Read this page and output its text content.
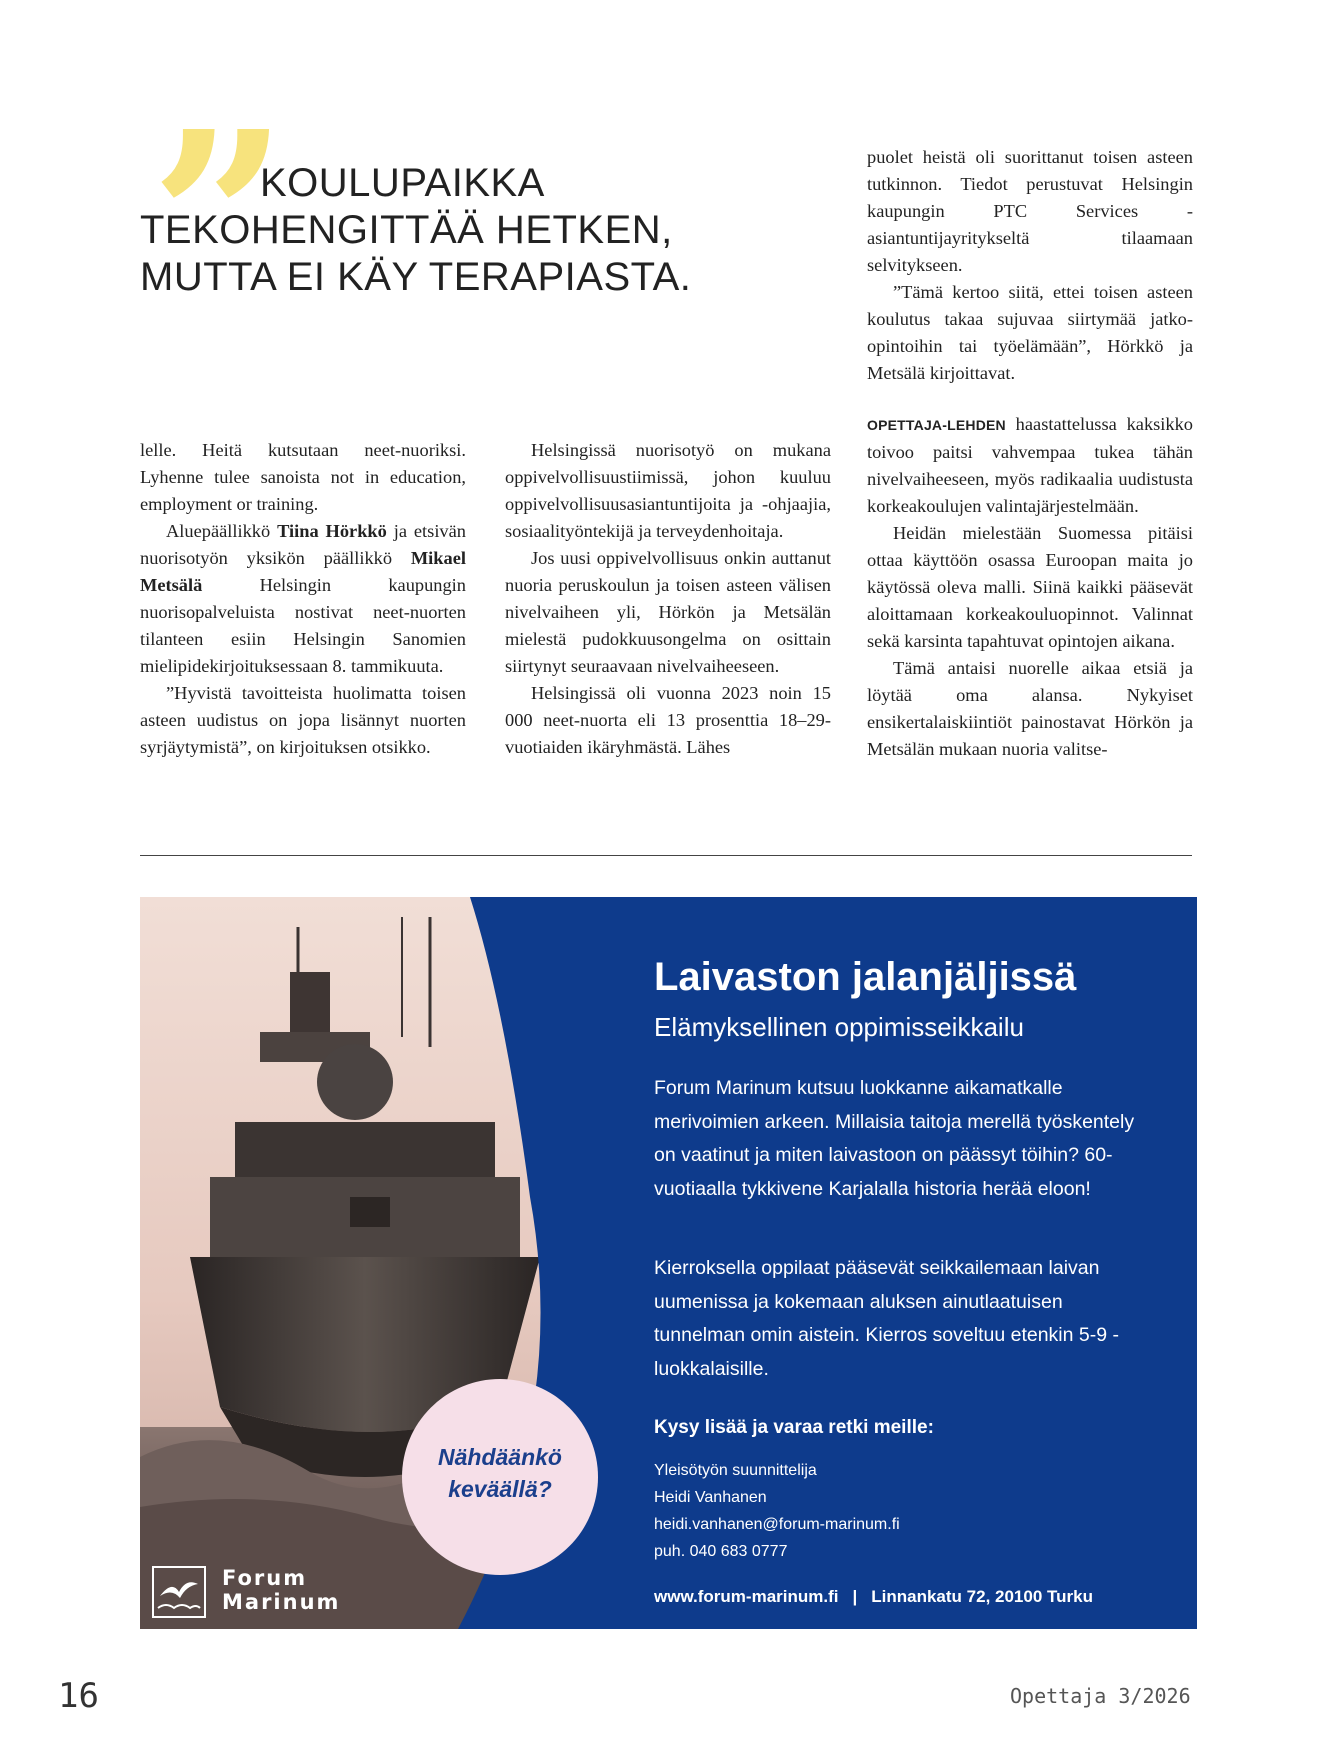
”
KOULUPAIKKA
TEKOHENGITTÄÄ HETKEN,
MUTTA EI KÄY TERAPIASTA.

puolet heistä oli suorittanut toisen asteen tutkinnon. Tiedot perustuvat Helsingin kaupungin PTC Services -asiantuntijayritykseltä tilaamaan selvitykseen.

”Tämä kertoo siitä, ettei toisen asteen koulutus takaa sujuvaa siirtymää jatko-opintoihin tai työelämään”, Hörkkö ja Metsälä kirjoittavat.

lelle. Heitä kutsutaan neet-nuoriksi. Lyhenne tulee sanoista not in education, employment or training.

Aluepäällikkö Tiina Hörkkö ja etsivän nuorisotyön yksikön päällikkö Mikael Metsälä Helsingin kaupungin nuorisopalveluista nostivat neet-nuorten tilanteen esiin Helsingin Sanomien mielipidekirjoituksessaan 8. tammikuuta.

”Hyvistä tavoitteista huolimatta toisen asteen uudistus on jopa lisännyt nuorten syrjäytymistä”, on kirjoituksen otsikko.

Helsingissä nuorisotyö on mukana oppivelvollisuustiimissä, johon kuuluu oppivelvollisuusasiantuntijoita ja -ohjaajia, sosiaalityöntekijä ja terveydenhoitaja.

Jos uusi oppivelvollisuus onkin auttanut nuoria peruskoulun ja toisen asteen välisen nivelvaiheen yli, Hörkön ja Metsälän mielestä pudokkuusongelma on osittain siirtynyt seuraavaan nivelvaiheeseen.

Helsingissä oli vuonna 2023 noin 15 000 neet-nuorta eli 13 prosenttia 18–29-vuotiaiden ikäryhmästä. Lähes

OPETTAJA-LEHDEN haastattelussa kaksikko toivoo paitsi vahvempaa tukea tähän nivelvaiheeseen, myös radikaalia uudistusta korkeakoulujen valintajärjestelmään.

Heidän mielestään Suomessa pitäisi ottaa käyttöön osassa Euroopan maita jo käytössä oleva malli. Siinä kaikki pääsevät aloittamaan korkeakouluopinnot. Valinnat sekä karsinta tapahtuvat opintojen aikana.

Tämä antaisi nuorelle aikaa etsiä ja löytää oma alansa. Nykyiset ensikertalaiskiintiöt painostavat Hörkön ja Metsälän mukaan nuoria valitse-

Laivaston jalanjäljissä
Elämyksellinen oppimisseikkailu
Forum Marinum kutsuu luokkanne aikamatkalle merivoimien arkeen. Millaisia taitoja merellä työskentely on vaatinut ja miten laivastoon on päässyt töihin? 60-vuotiaalla tykkivene Karjalalla historia herää eloon!
Kierroksella oppilaat pääsevät seikkailemaan laivan uumenissa ja kokemaan aluksen ainutlaatuisen tunnelman omin aistein. Kierros soveltuu etenkin 5-9 -luokkalaisille.
Kysy lisää ja varaa retki meille:
Yleisötyön suunnittelija
Heidi Vanhanen
heidi.vanhanen@forum-marinum.fi
puh. 040 683 0777
www.forum-marinum.fi | Linnankatu 72, 20100 Turku
Nähdäänkö
keväällä?
Forum
Marinum
16	Opettaja 3/2026
